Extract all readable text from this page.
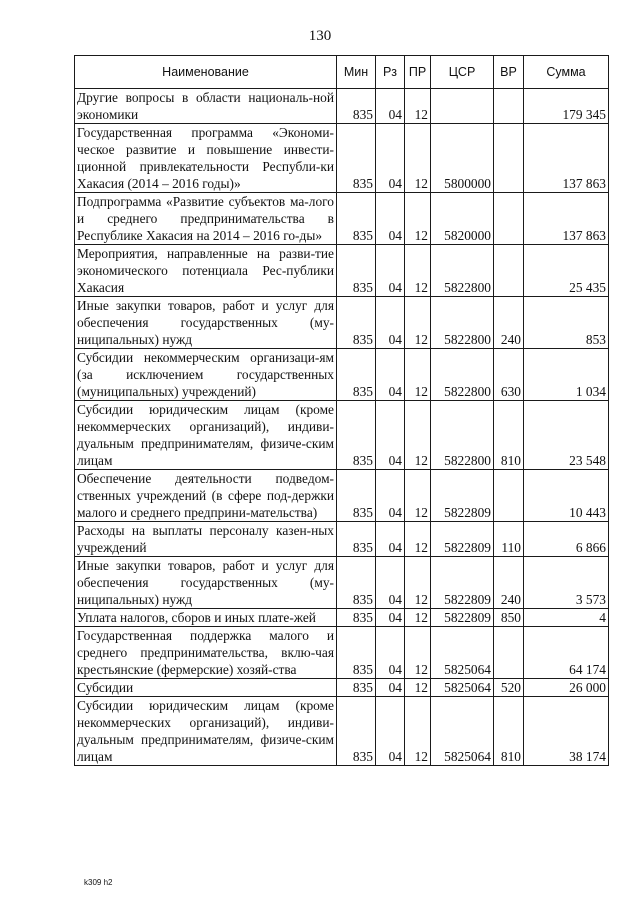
130
Наименование	Мин	Рз	ПР	ЦСР	ВР	Сумма
Другие вопросы в области националь-ной экономики	835	04	12			179 345
Государственная программа «Экономи-ческое развитие и повышение инвести-ционной привлекательности Республи-ки Хакасия (2014 – 2016 годы)»	835	04	12	5800000		137 863
Подпрограмма «Развитие субъектов ма-лого и среднего предпринимательства в Республике Хакасия на 2014 – 2016 го-ды»	835	04	12	5820000		137 863
Мероприятия, направленные на разви-тие экономического потенциала Рес-публики Хакасия	835	04	12	5822800		25 435
Иные закупки товаров, работ и услуг для обеспечения государственных (му-ниципальных) нужд	835	04	12	5822800	240	853
Субсидии некоммерческим организаци-ям (за исключением государственных (муниципальных) учреждений)	835	04	12	5822800	630	1 034
Субсидии юридическим лицам (кроме некоммерческих организаций), индиви-дуальным предпринимателям, физиче-ским лицам	835	04	12	5822800	810	23 548
Обеспечение деятельности подведом-ственных учреждений (в сфере под-держки малого и среднего предприни-мательства)	835	04	12	5822809		10 443
Расходы на выплаты персоналу казен-ных учреждений	835	04	12	5822809	110	6 866
Иные закупки товаров, работ и услуг для обеспечения государственных (му-ниципальных) нужд	835	04	12	5822809	240	3 573
Уплата налогов, сборов и иных плате-жей	835	04	12	5822809	850	4
Государственная поддержка малого и среднего предпринимательства, вклю-чая крестьянские (фермерские) хозяй-ства	835	04	12	5825064		64 174
Субсидии	835	04	12	5825064	520	26 000
Субсидии юридическим лицам (кроме некоммерческих организаций), индиви-дуальным предпринимателям, физиче-ским лицам	835	04	12	5825064	810	38 174
k309 h2
